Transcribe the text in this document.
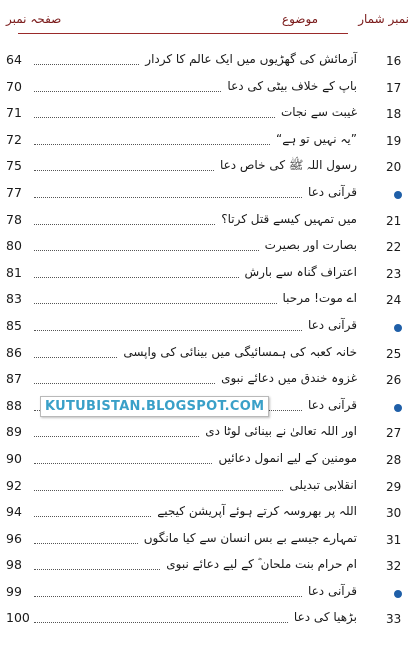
نمبر شمار
موضوع
صفحہ نمبر
16
آزمائش کی گھڑیوں میں ایک عالم کا کردار
64
17
باپ کے خلاف بیٹی کی دعا
70
18
غیبت سے نجات
71
19
”یہ نہیں تو ہے“
72
20
رسول اللہ ﷺ کی خاص دعا
75
قرآنی دعا
77
21
میں تمہیں کیسے قتل کرتا؟
78
22
بصارت اور بصیرت
80
23
اعتراف گناہ سے بارش
81
24
اے موت! مرحبا
83
قرآنی دعا
85
25
خانہ کعبہ کی ہمسائیگی میں بینائی کی واپسی
86
26
غزوہ خندق میں دعائے نبوی
87
قرآنی دعا
88
27
اور اللہ تعالیٰ نے بینائی لوٹا دی
89
28
مومنین کے لیے انمول دعائیں
90
29
انقلابی تبدیلی
92
30
اللہ پر بھروسہ کرتے ہوئے آپریشن کیجیے
94
31
تمہارے جیسے بے بس انسان سے کیا مانگوں
96
32
ام حرام بنت ملحان ؓ کے لیے دعائے نبوی
98
قرآنی دعا
99
33
بڑھیا کی دعا
100
KUTUBISTAN.BLOGSPOT.COM
